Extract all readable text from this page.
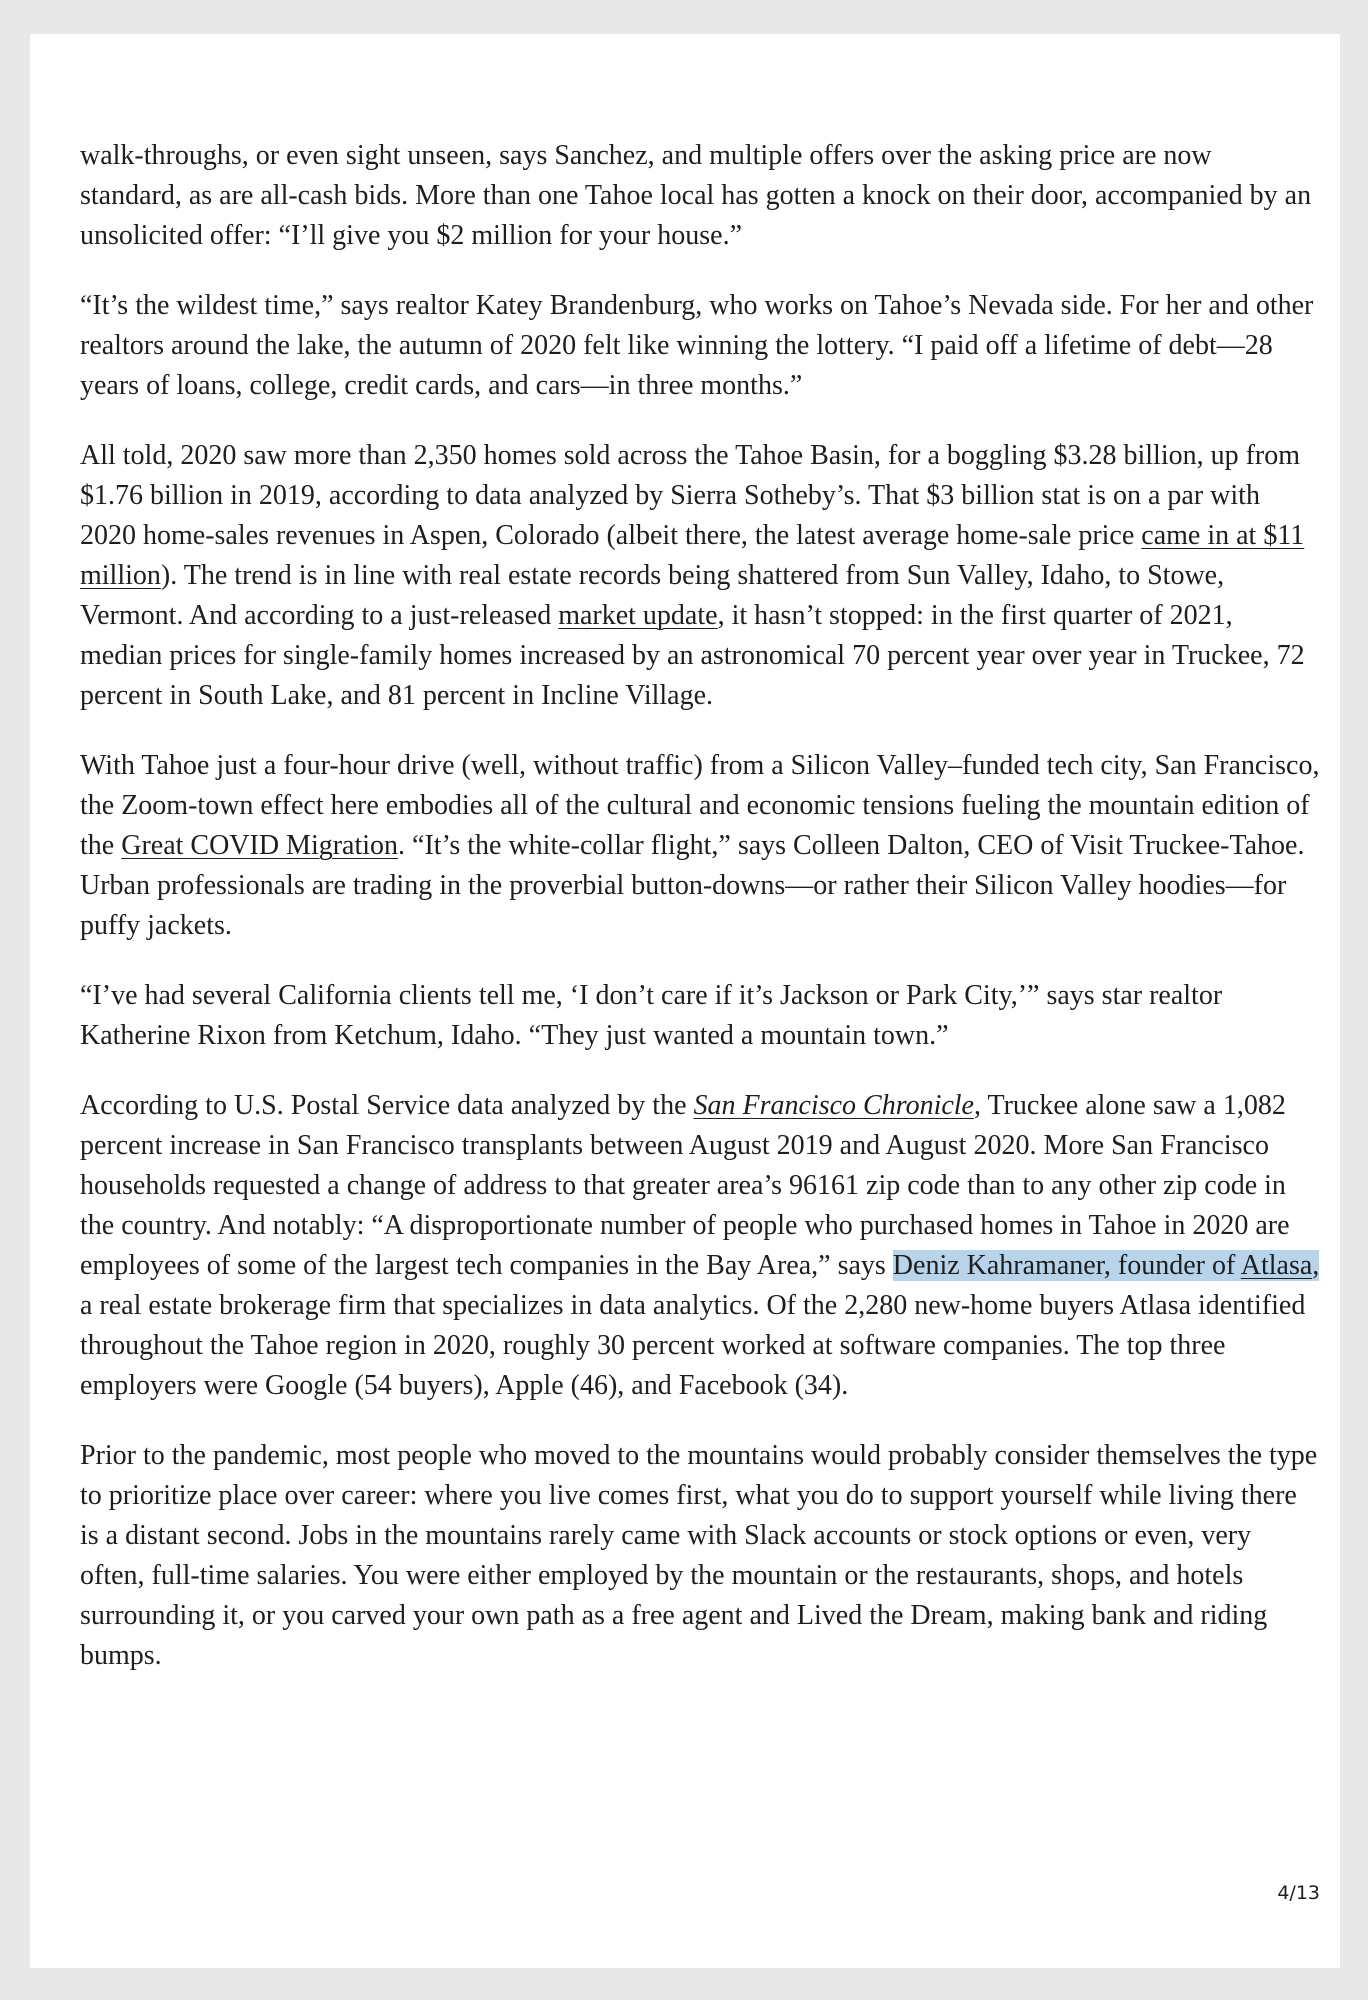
walk-throughs, or even sight unseen, says Sanchez, and multiple offers over the asking price are now standard, as are all-cash bids. More than one Tahoe local has gotten a knock on their door, accompanied by an unsolicited offer: “I’ll give you $2 million for your house.”

“It’s the wildest time,” says realtor Katey Brandenburg, who works on Tahoe’s Nevada side. For her and other realtors around the lake, the autumn of 2020 felt like winning the lottery. “I paid off a lifetime of debt—28 years of loans, college, credit cards, and cars—in three months.”

All told, 2020 saw more than 2,350 homes sold across the Tahoe Basin, for a boggling $3.28 billion, up from $1.76 billion in 2019, according to data analyzed by Sierra Sotheby’s. That $3 billion stat is on a par with 2020 home-sales revenues in Aspen, Colorado (albeit there, the latest average home-sale price came in at $11 million). The trend is in line with real estate records being shattered from Sun Valley, Idaho, to Stowe, Vermont. And according to a just-released market update, it hasn’t stopped: in the first quarter of 2021, median prices for single-family homes increased by an astronomical 70 percent year over year in Truckee, 72 percent in South Lake, and 81 percent in Incline Village.

With Tahoe just a four-hour drive (well, without traffic) from a Silicon Valley–funded tech city, San Francisco, the Zoom-town effect here embodies all of the cultural and economic tensions fueling the mountain edition of the Great COVID Migration. “It’s the white-collar flight,” says Colleen Dalton, CEO of Visit Truckee-Tahoe. Urban professionals are trading in the proverbial button-downs—or rather their Silicon Valley hoodies—for puffy jackets.

“I’ve had several California clients tell me, ‘I don’t care if it’s Jackson or Park City,’” says star realtor Katherine Rixon from Ketchum, Idaho. “They just wanted a mountain town.”

According to U.S. Postal Service data analyzed by the San Francisco Chronicle, Truckee alone saw a 1,082 percent increase in San Francisco transplants between August 2019 and August 2020. More San Francisco households requested a change of address to that greater area’s 96161 zip code than to any other zip code in the country. And notably: “A disproportionate number of people who purchased homes in Tahoe in 2020 are employees of some of the largest tech companies in the Bay Area,” says Deniz Kahramaner, founder of Atlasa, a real estate brokerage firm that specializes in data analytics. Of the 2,280 new-home buyers Atlasa identified throughout the Tahoe region in 2020, roughly 30 percent worked at software companies. The top three employers were Google (54 buyers), Apple (46), and Facebook (34).

Prior to the pandemic, most people who moved to the mountains would probably consider themselves the type to prioritize place over career: where you live comes first, what you do to support yourself while living there is a distant second. Jobs in the mountains rarely came with Slack accounts or stock options or even, very often, full-time salaries. You were either employed by the mountain or the restaurants, shops, and hotels surrounding it, or you carved your own path as a free agent and Lived the Dream, making bank and riding bumps.

4/13
